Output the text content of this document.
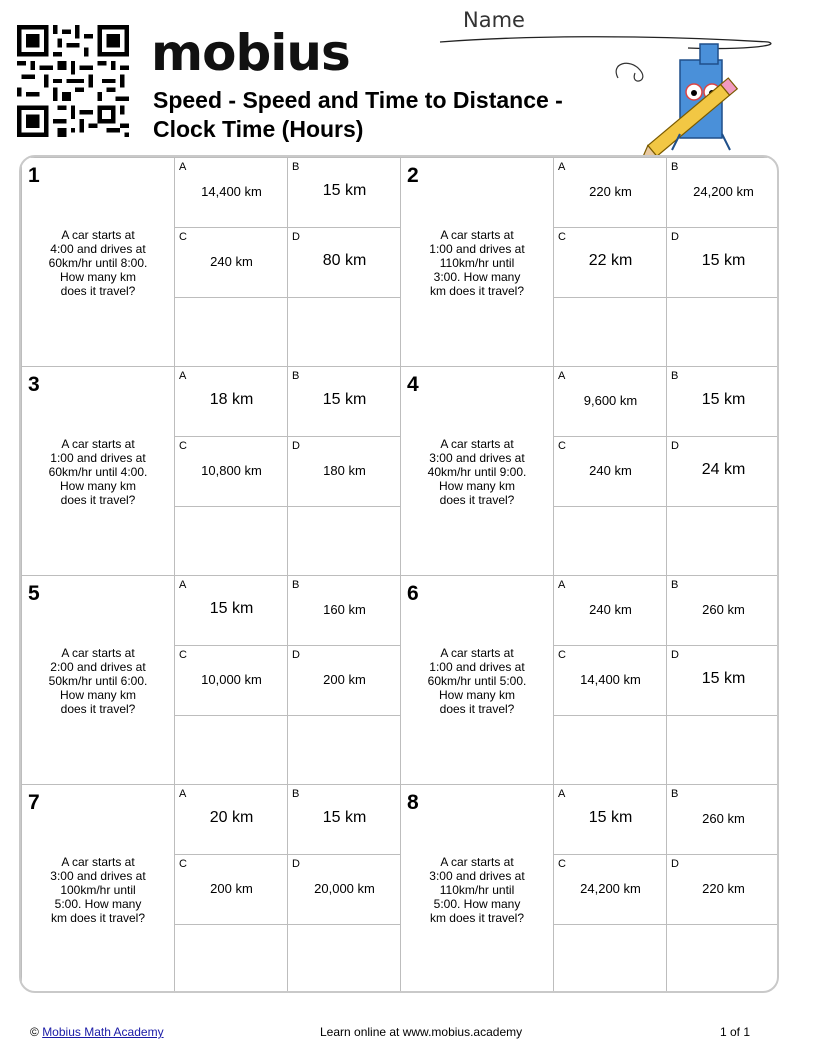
mobius
Speed - Speed and Time to Distance -
Clock Time (Hours)
Name
1
A car starts at 4:00 and drives at 60km/hr until 8:00. How many km does it travel?
A
14,400 km
B
15 km
C
240 km
D
80 km
2
A car starts at 1:00 and drives at 110km/hr until 3:00. How many km does it travel?
A
220 km
B
24,200 km
C
22 km
D
15 km
3
A car starts at 1:00 and drives at 60km/hr until 4:00. How many km does it travel?
A
18 km
B
15 km
C
10,800 km
D
180 km
4
A car starts at 3:00 and drives at 40km/hr until 9:00. How many km does it travel?
A
9,600 km
B
15 km
C
240 km
D
24 km
5
A car starts at 2:00 and drives at 50km/hr until 6:00. How many km does it travel?
A
15 km
B
160 km
C
10,000 km
D
200 km
6
A car starts at 1:00 and drives at 60km/hr until 5:00. How many km does it travel?
A
240 km
B
260 km
C
14,400 km
D
15 km
7
A car starts at 3:00 and drives at 100km/hr until 5:00. How many km does it travel?
A
20 km
B
15 km
C
200 km
D
20,000 km
8
A car starts at 3:00 and drives at 110km/hr until 5:00. How many km does it travel?
A
15 km
B
260 km
C
24,200 km
D
220 km
© Mobius Math Academy	Learn online at www.mobius.academy	1 of 1
